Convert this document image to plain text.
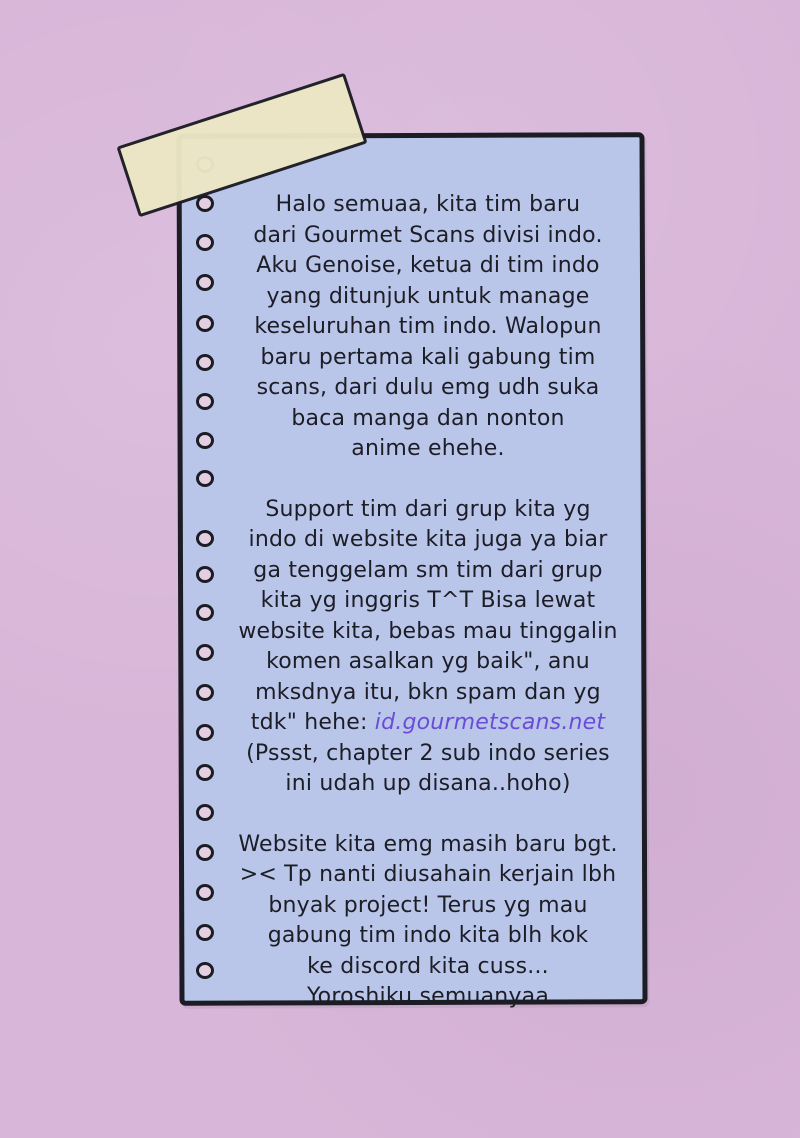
Halo semuaa, kita tim baru
dari Gourmet Scans divisi indo.
Aku Genoise, ketua di tim indo
yang ditunjuk untuk manage
keseluruhan tim indo. Walopun
baru pertama kali gabung tim
scans, dari dulu emg udh suka
baca manga dan nonton
anime ehehe.
Support tim dari grup kita yg
indo di website kita juga ya biar
ga tenggelam sm tim dari grup
kita yg inggris T^T Bisa lewat
website kita, bebas mau tinggalin
komen asalkan yg baik", anu
mksdnya itu, bkn spam dan yg
tdk" hehe: id.gourmetscans.net
(Pssst, chapter 2 sub indo series
ini udah up disana..hoho)
Website kita emg masih baru bgt.
>< Tp nanti diusahain kerjain lbh
bnyak project! Terus yg mau
gabung tim indo kita blh kok
ke discord kita cuss...
Yoroshiku semuanyaa
